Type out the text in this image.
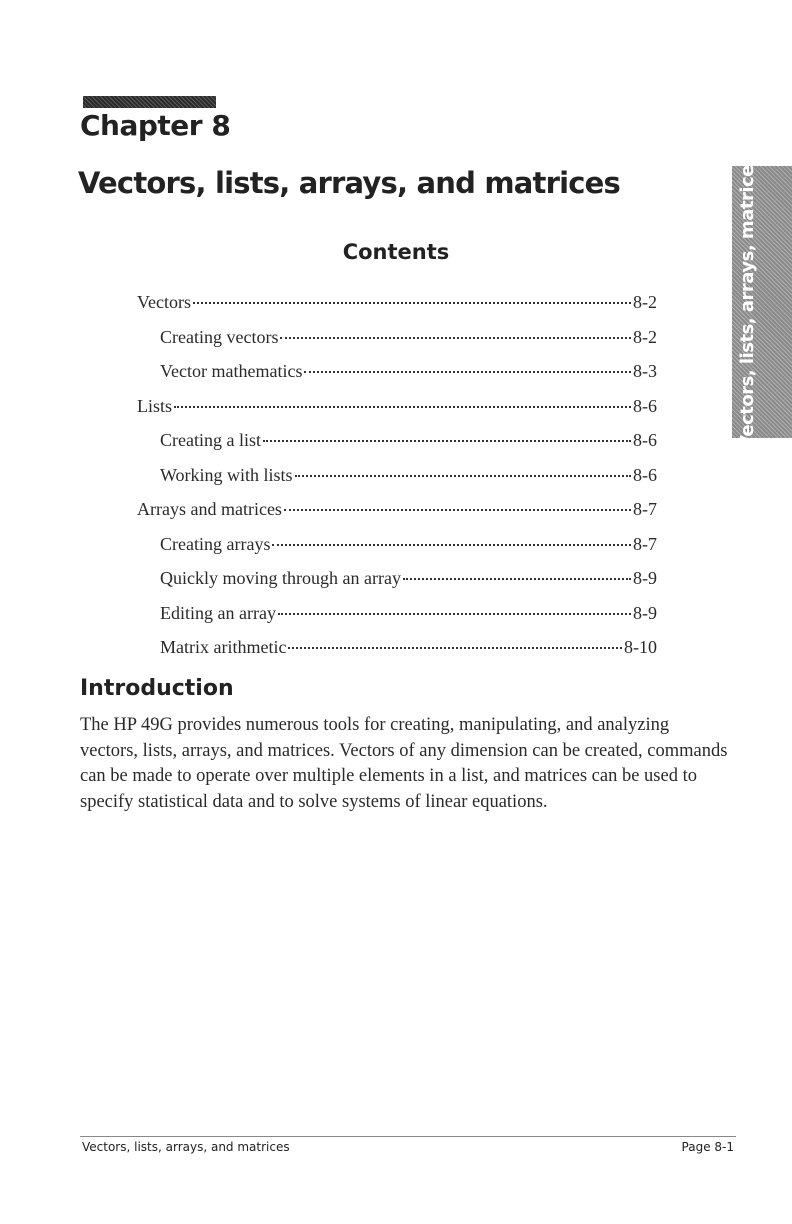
Chapter 8
Vectors, lists, arrays, and matrices	Vectors, lists, arrays, matrices
Contents
Vectors	8-2
Creating vectors	8-2
Vector mathematics	8-3
Lists	8-6
Creating a list	8-6
Working with lists	8-6
Arrays and matrices	8-7
Creating arrays	8-7
Quickly moving through an array	8-9
Editing an array	8-9
Matrix arithmetic	8-10
Introduction

The HP 49G provides numerous tools for creating, manipulating, and analyzing vectors, lists, arrays, and matrices. Vectors of any dimension can be created, commands can be made to operate over multiple elements in a list, and matrices can be used to specify statistical data and to solve systems of linear equations.

Vectors, lists, arrays, and matrices	Page 8-1
